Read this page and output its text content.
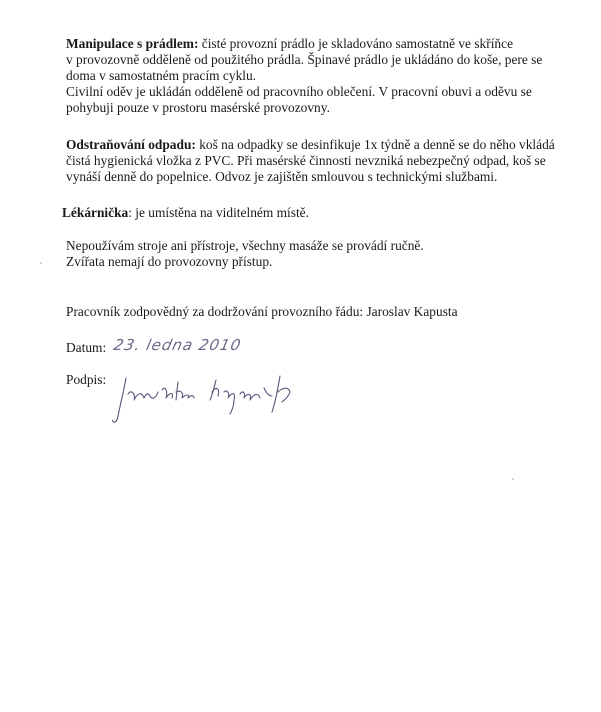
Manipulace s prádlem: čisté provozní prádlo je skladováno samostatně ve skříňce
v provozovně odděleně od použitého prádla. Špinavé prádlo je ukládáno do koše, pere se
doma v samostatném pracím cyklu.
Civilní oděv je ukládán odděleně od pracovního oblečení. V pracovní obuvi a oděvu se
pohybuji pouze v prostoru masérské provozovny.
Odstraňování odpadu: koš na odpadky se desinfikuje 1x týdně a denně se do něho vkládá
čistá hygienická vložka z PVC. Při masérské činnosti nevzniká nebezpečný odpad, koš se
vynáší denně do popelnice. Odvoz je zajištěn smlouvou s technickými službami.
Lékárnička: je umístěna na viditelném místě.
Nepoužívám stroje ani přístroje, všechny masáže se provádí ručně.
Zvířata nemají do provozovny přístup.
Pracovník zodpovědný za dodržování provozního řádu: Jaroslav Kapusta
Datum: 23. ledna 2010
Podpis:
